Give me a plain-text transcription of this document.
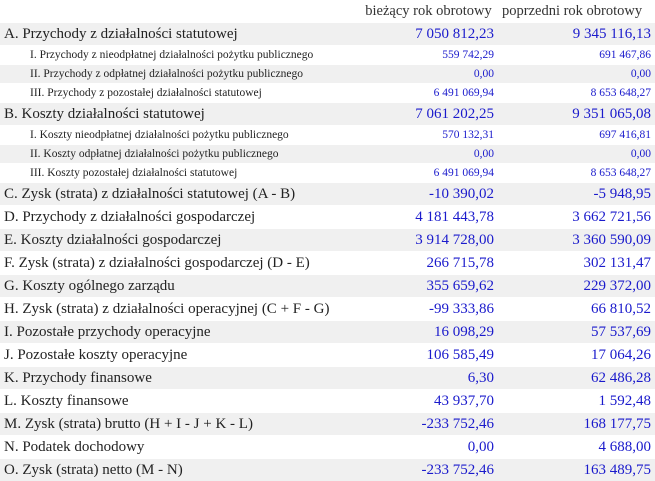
	bieżący rok obrotowy	poprzedni rok obrotowy
A. Przychody z działalności statutowej	7 050 812,23	9 345 116,13
I. Przychody z nieodpłatnej działalności pożytku publicznego	559 742,29	691 467,86
II. Przychody z odpłatnej działalności pożytku publicznego	0,00	0,00
III. Przychody z pozostałej działalności statutowej	6 491 069,94	8 653 648,27
B. Koszty działalności statutowej	7 061 202,25	9 351 065,08
I. Koszty nieodpłatnej działalności pożytku publicznego	570 132,31	697 416,81
II. Koszty odpłatnej działalności pożytku publicznego	0,00	0,00
III. Koszty pozostałej działalności statutowej	6 491 069,94	8 653 648,27
C. Zysk (strata) z działalności statutowej (A - B)	-10 390,02	-5 948,95
D. Przychody z działalności gospodarczej	4 181 443,78	3 662 721,56
E. Koszty działalności gospodarczej	3 914 728,00	3 360 590,09
F. Zysk (strata) z działalności gospodarczej (D - E)	266 715,78	302 131,47
G. Koszty ogólnego zarządu	355 659,62	229 372,00
H. Zysk (strata) z działalności operacyjnej (C + F - G)	-99 333,86	66 810,52
I. Pozostałe przychody operacyjne	16 098,29	57 537,69
J. Pozostałe koszty operacyjne	106 585,49	17 064,26
K. Przychody finansowe	6,30	62 486,28
L. Koszty finansowe	43 937,70	1 592,48
M. Zysk (strata) brutto (H + I - J + K - L)	-233 752,46	168 177,75
N. Podatek dochodowy	0,00	4 688,00
O. Zysk (strata) netto (M - N)	-233 752,46	163 489,75
